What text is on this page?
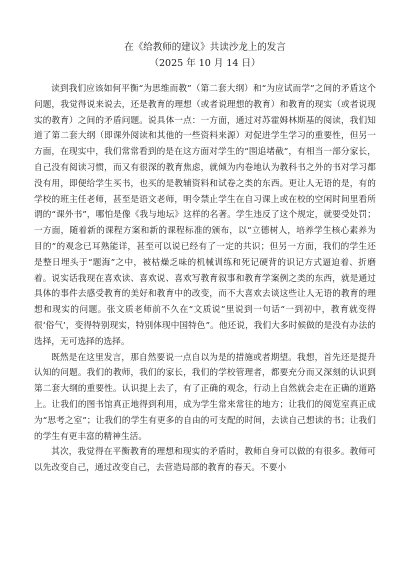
在《给教师的建议》共读沙龙上的发言

（2025 年 10 月 14 日）

读到我们应该如何平衡“为思维而教”（第二套大纲）和“为应试而学”之间的矛盾这个问题，我觉得说来说去，还是教育的理想（或者说理想的教育）和教育的现实（或者说现实的教育）之间的矛盾问题。说具体一点：一方面，通过对苏霍姆林斯基的阅读，我们知道了第二套大纲（即课外阅读和其他的一些资料来源）对促进学生学习的重要性，但另一方面，在现实中，我们常常看到的是在这方面对学生的“围追堵截”，有相当一部分家长，自己没有阅读习惯，而又有很深的教育焦虑，就倾为内卷地认为教科书之外的书对学习都没有用，即便给学生买书，也买的是教辅资料和试卷之类的东西。更让人无语的是，有的学校的班主任老师，甚至是语文老师，明令禁止学生在自习课上或在校的空闲时间里看所谓的“课外书”，哪怕是像《我与地坛》这样的名著。学生违反了这个规定，就要受处罚；一方面，随着新的课程方案和新的课程标准的颁布，以“立德树人，培养学生核心素养为目的”的观念已耳熟能详，甚至可以说已经有了一定的共识；但另一方面，我们的学生还是整日埋头于“题海”之中，被枯燥乏味的机械训练和死记硬背的识记方式逼迫着、折磨着。说实话我现在喜欢读、喜欢说、喜欢写教育叙事和教育学案例之类的东西，就是通过具体的事件去感受教育的美好和教育中的改变，而不大喜欢去谈这些让人无语的教育的理想和现实的问题。张文质老师前不久在“文质说”里说到一句话“一到初中，教育就变得很‘俗气’，变得特别现实，特别体现中国特色”。他还说，我们大多时候做的是没有办法的选择，无可选择的选择。

既然是在这里发言，那自然要说一点自以为是的措施或者期望。我想，首先还是提升认知的问题。我们的教师，我们的家长，我们的学校管理者，都要充分而又深刻的认识到第二套大纲的重要性。认识提上去了，有了正确的观念，行动上自然就会走在正确的道路上。让我们的图书馆真正地得到利用，成为学生常来常往的地方；让我们的阅览室真正成为“思考之室”；让我们的学生有更多的自由的可支配的时间，去读自己想读的书；让我们的学生有更丰富的精神生活。

其次，我觉得在平衡教育的理想和现实的矛盾时，教师自身可以做的有很多。教师可以先改变自己，通过改变自己，去营造局部的教育的春天。不要小
